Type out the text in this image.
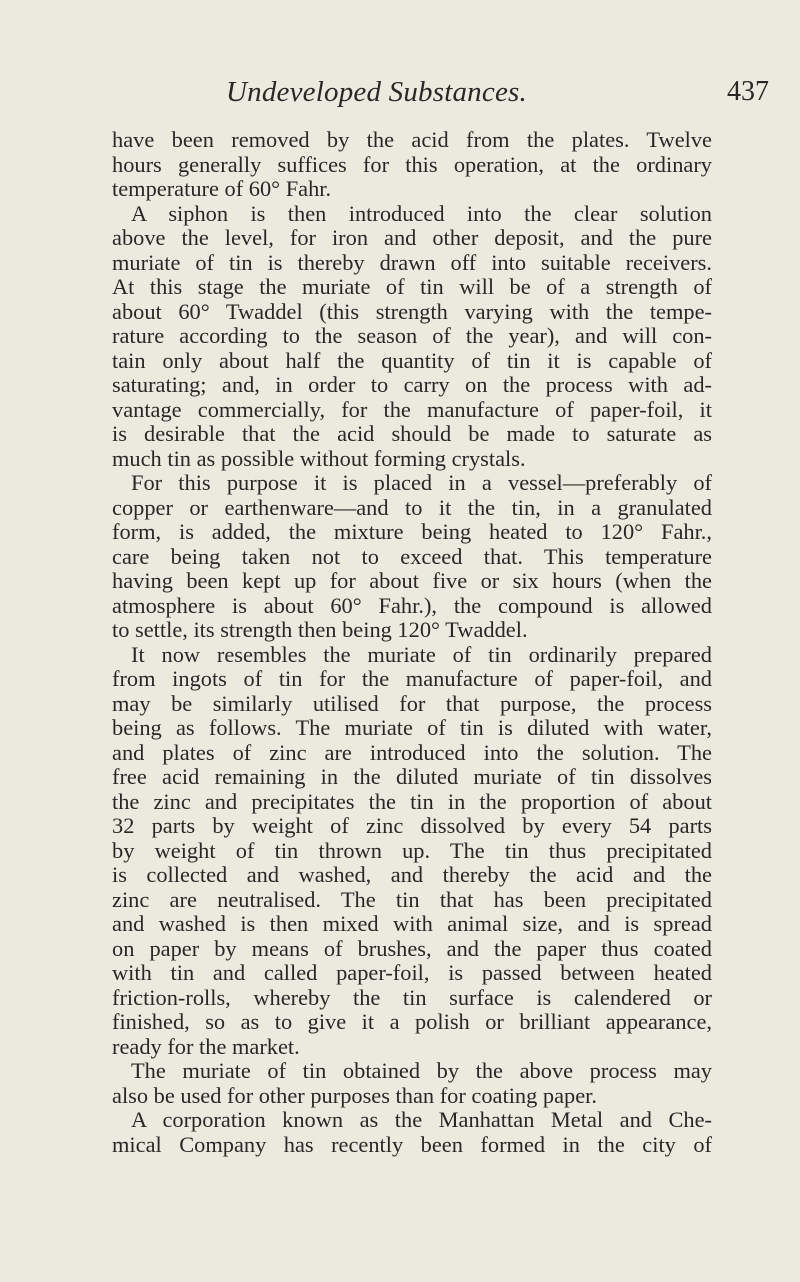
Undeveloped Substances.	437
have been removed by the acid from the plates. Twelve
hours generally suffices for this operation, at the ordinary
temperature of 60° Fahr.
A siphon is then introduced into the clear solution
above the level, for iron and other deposit, and the pure
muriate of tin is thereby drawn off into suitable receivers.
At this stage the muriate of tin will be of a strength of
about 60° Twaddel (this strength varying with the tempe-
rature according to the season of the year), and will con-
tain only about half the quantity of tin it is capable of
saturating; and, in order to carry on the process with ad-
vantage commercially, for the manufacture of paper-foil, it
is desirable that the acid should be made to saturate as
much tin as possible without forming crystals.
For this purpose it is placed in a vessel—preferably of
copper or earthenware—and to it the tin, in a granulated
form, is added, the mixture being heated to 120° Fahr.,
care being taken not to exceed that. This temperature
having been kept up for about five or six hours (when the
atmosphere is about 60° Fahr.), the compound is allowed
to settle, its strength then being 120° Twaddel.
It now resembles the muriate of tin ordinarily prepared
from ingots of tin for the manufacture of paper-foil, and
may be similarly utilised for that purpose, the process
being as follows. The muriate of tin is diluted with water,
and plates of zinc are introduced into the solution. The
free acid remaining in the diluted muriate of tin dissolves
the zinc and precipitates the tin in the proportion of about
32 parts by weight of zinc dissolved by every 54 parts
by weight of tin thrown up. The tin thus precipitated
is collected and washed, and thereby the acid and the
zinc are neutralised. The tin that has been precipitated
and washed is then mixed with animal size, and is spread
on paper by means of brushes, and the paper thus coated
with tin and called paper-foil, is passed between heated
friction-rolls, whereby the tin surface is calendered or
finished, so as to give it a polish or brilliant appearance,
ready for the market.
The muriate of tin obtained by the above process may
also be used for other purposes than for coating paper.
A corporation known as the Manhattan Metal and Che-
mical Company has recently been formed in the city of
